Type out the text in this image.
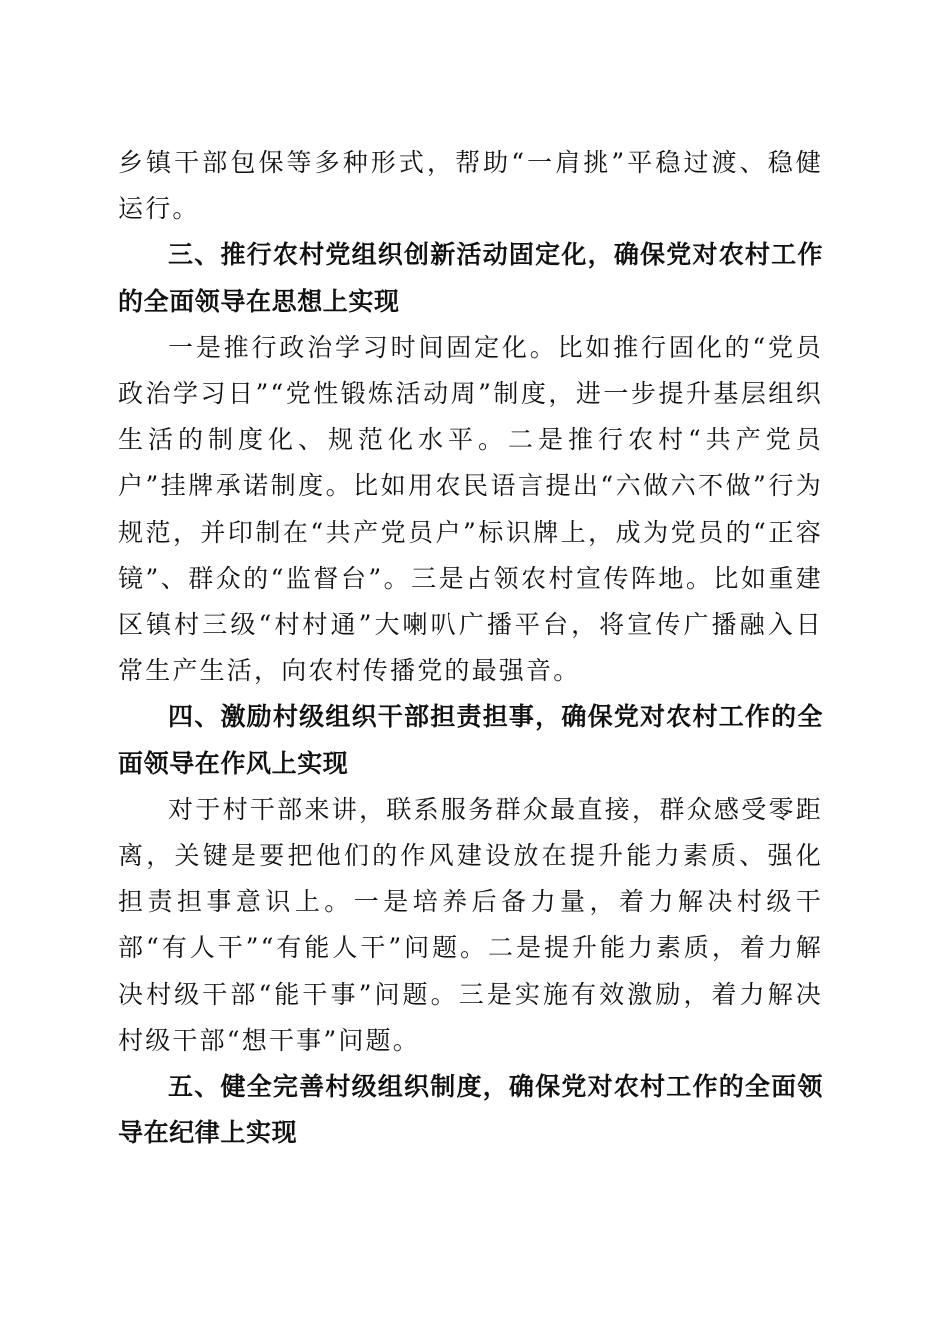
乡镇干部包保等多种形式，帮助“一肩挑”平稳过渡、稳健运行。

三、推行农村党组织创新活动固定化，确保党对农村工作的全面领导在思想上实现

一是推行政治学习时间固定化。比如推行固化的“党员政治学习日”“党性锻炼活动周”制度，进一步提升基层组织生活的制度化、规范化水平。二是推行农村“共产党员户”挂牌承诺制度。比如用农民语言提出“六做六不做”行为规范，并印制在“共产党员户”标识牌上，成为党员的“正容镜”、群众的“监督台”。三是占领农村宣传阵地。比如重建区镇村三级“村村通”大喇叭广播平台，将宣传广播融入日常生产生活，向农村传播党的最强音。

四、激励村级组织干部担责担事，确保党对农村工作的全面领导在作风上实现

对于村干部来讲，联系服务群众最直接，群众感受零距离，关键是要把他们的作风建设放在提升能力素质、强化担责担事意识上。一是培养后备力量，着力解决村级干部“有人干”“有能人干”问题。二是提升能力素质，着力解决村级干部“能干事”问题。三是实施有效激励，着力解决村级干部“想干事”问题。

五、健全完善村级组织制度，确保党对农村工作的全面领导在纪律上实现
